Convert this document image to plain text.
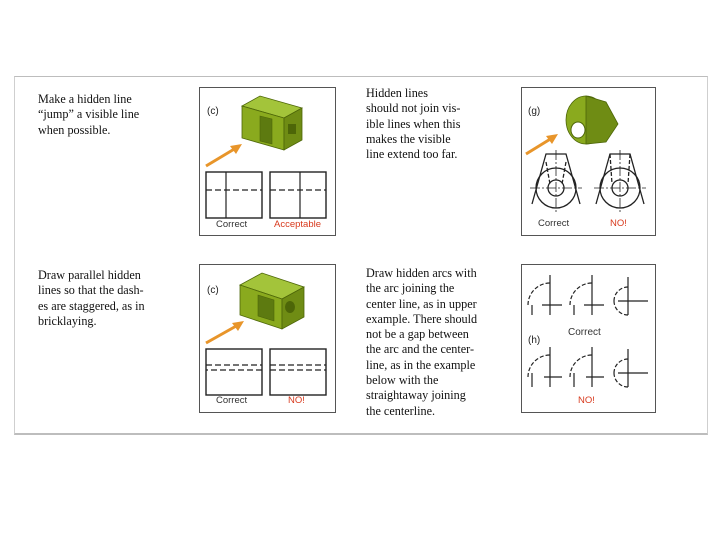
Make a hidden line
“jump” a visible line
when possible.
Hidden lines
should not join vis-
ible lines when this
makes the visible
line extend too far.
Draw parallel hidden
lines so that the dash-
es are staggered, as in
bricklaying.
Draw hidden arcs with
the arc joining the
center line, as in upper
example. There should
not be a gap between
the arc and the center-
line, as in the example
below with the
straightaway joining
the centerline.
(c)
Correct	Acceptable
(g)
Correct	NO!
(c)
Correct	NO!
Correct
(h)
NO!
